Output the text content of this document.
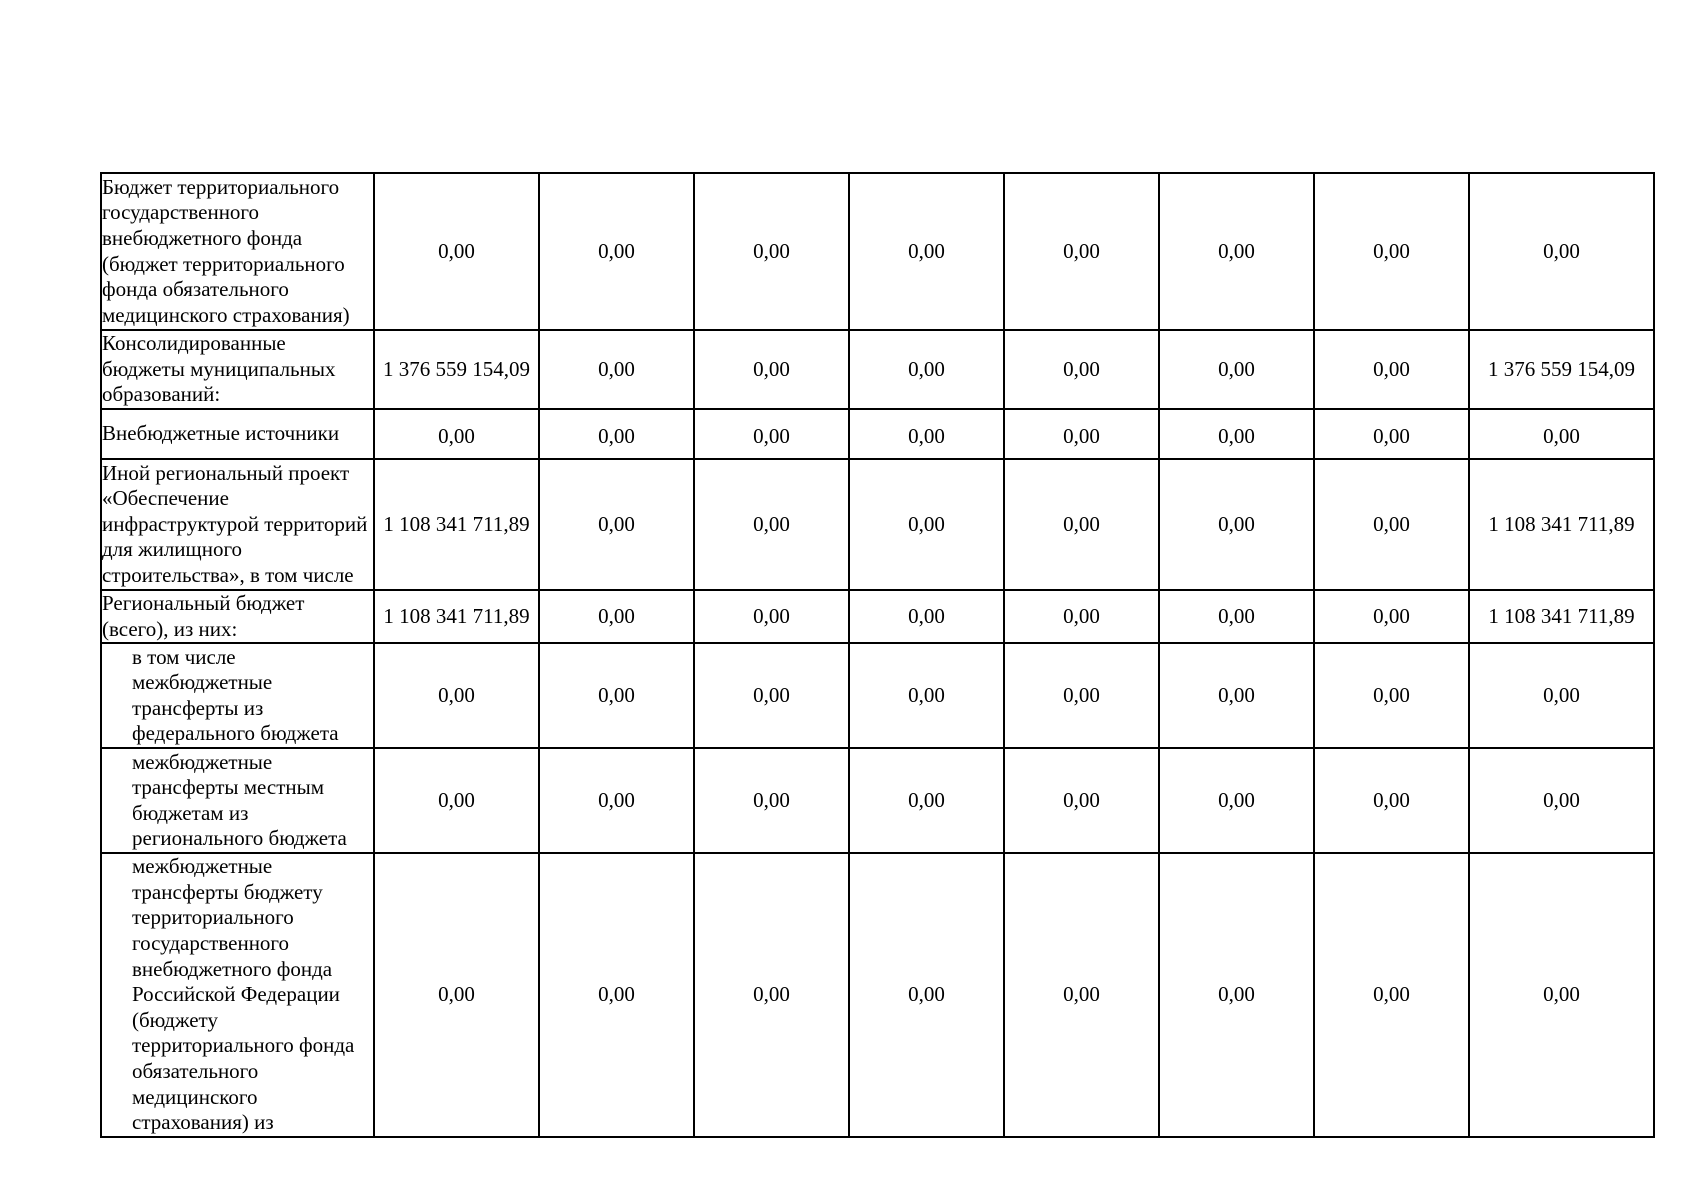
Бюджет территориального государственного внебюджетного фонда (бюджет территориального фонда обязательного медицинского страхования)	0,00	0,00	0,00	0,00	0,00	0,00	0,00	0,00
Консолидированные бюджеты муниципальных образований:	1 376 559 154,09	0,00	0,00	0,00	0,00	0,00	0,00	1 376 559 154,09
Внебюджетные источники	0,00	0,00	0,00	0,00	0,00	0,00	0,00	0,00
Иной региональный проект «Обеспечение инфраструктурой территорий для жилищного строительства», в том числе	1 108 341 711,89	0,00	0,00	0,00	0,00	0,00	0,00	1 108 341 711,89
Региональный бюджет (всего), из них:	1 108 341 711,89	0,00	0,00	0,00	0,00	0,00	0,00	1 108 341 711,89
в том числе межбюджетные трансферты из федерального бюджета	0,00	0,00	0,00	0,00	0,00	0,00	0,00	0,00
межбюджетные трансферты местным бюджетам из регионального бюджета	0,00	0,00	0,00	0,00	0,00	0,00	0,00	0,00
межбюджетные трансферты бюджету территориального государственного внебюджетного фонда Российской Федерации (бюджету территориального фонда обязательного медицинского страхования) из	0,00	0,00	0,00	0,00	0,00	0,00	0,00	0,00
